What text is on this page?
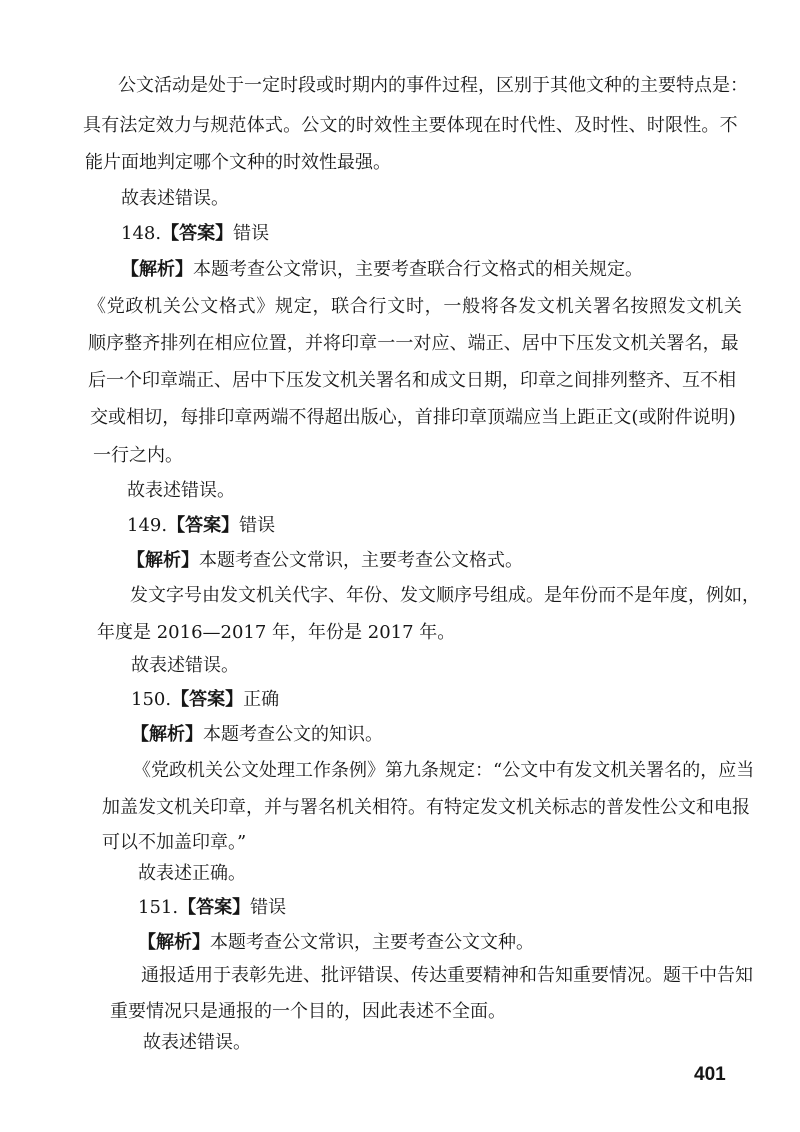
公 文 活 动 是 处 于 一 定 时 段 或 时 期 内 的 事 件 过 程 ， 区 别 于 其 他 文 种 的 主 要 特 点 是 ：

具 有 法 定 效 力 与 规 范 体 式 。 公 文 的 时 效 性 主 要 体 现 在 时 代 性 、 及 时 性 、 时 限 性 。 不

能片面地判定哪个文种的时效性最强。

故表述错误。

148.【答案】错误

【解析】本题考查公文常识，主要考查联合行文格式的相关规定。

《 党 政 机 关 公 文 格 式 》 规 定 ， 联 合 行 文 时 ， 一 般 将 各 发 文 机 关 署 名 按 照 发 文 机 关

顺 序 整 齐 排 列 在 相 应 位 置 ， 并 将 印 章 一 一 对 应 、 端 正 、 居 中 下 压 发 文 机 关 署 名 ， 最

后 一 个 印 章 端 正 、 居 中 下 压 发 文 机 关 署 名 和 成 文 日 期 ， 印 章 之 间 排 列 整 齐 、 互 不 相

交 或 相 切 ， 每 排 印 章 两 端 不 得 超 出 版 心 ， 首 排 印 章 顶 端 应 当 上 距 正 文 ( 或 附 件 说 明 )

一行之内。

故表述错误。

149.【答案】错误

【解析】本题考查公文常识，主要考查公文格式。

发 文 字 号 由 发 文 机 关 代 字 、 年 份 、 发 文 顺 序 号 组 成 。 是 年 份 而 不 是 年 度 ， 例 如 ，

年度是 2016—2017 年，年份是 2017 年。

故表述错误。

150.【答案】正确

【解析】本题考查公文的知识。

《 党 政 机 关 公 文 处 理 工 作 条 例 》 第 九 条 规 定 ： “ 公 文 中 有 发 文 机 关 署 名 的 ， 应 当

加 盖 发 文 机 关 印 章 ， 并 与 署 名 机 关 相 符 。 有 特 定 发 文 机 关 标 志 的 普 发 性 公 文 和 电 报

可以不加盖印章。”

故表述正确。

151.【答案】错误

【解析】本题考查公文常识，主要考查公文文种。

通 报 适 用 于 表 彰 先 进 、 批 评 错 误 、 传 达 重 要 精 神 和 告 知 重 要 情 况 。 题 干 中 告 知

重要情况只是通报的一个目的，因此表述不全面。

故表述错误。

401
